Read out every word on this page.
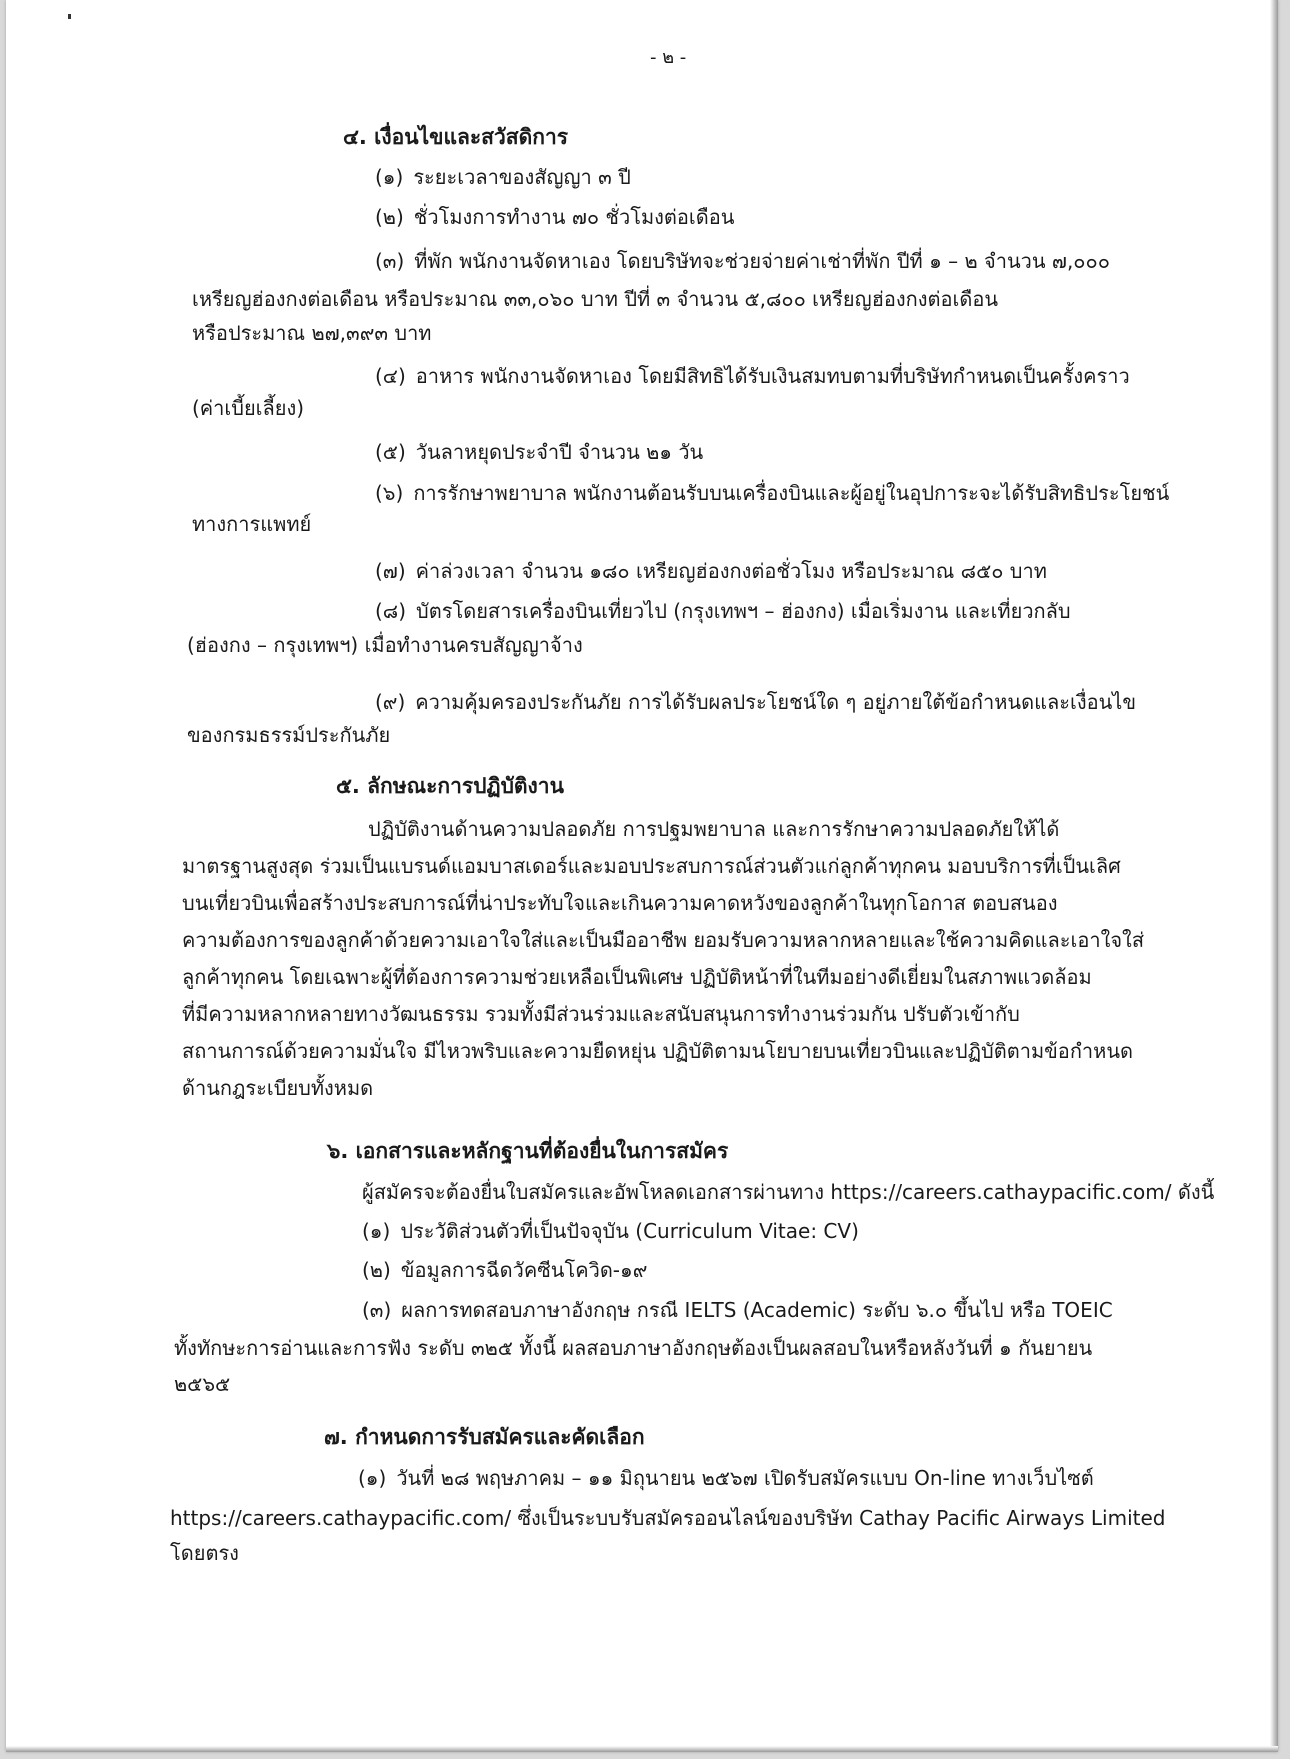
- ๒ -

๔. เงื่อนไขและสวัสดิการ

(๑) ระยะเวลาของสัญญา ๓ ปี

(๒) ชั่วโมงการทำงาน ๗๐ ชั่วโมงต่อเดือน

(๓) ที่พัก พนักงานจัดหาเอง โดยบริษัทจะช่วยจ่ายค่าเช่าที่พัก ปีที่ ๑ – ๒ จำนวน ๗,๐๐๐

เหรียญฮ่องกงต่อเดือน หรือประมาณ ๓๓,๐๖๐ บาท ปีที่ ๓ จำนวน ๕,๘๐๐ เหรียญฮ่องกงต่อเดือน

หรือประมาณ ๒๗,๓๙๓ บาท

(๔) อาหาร พนักงานจัดหาเอง โดยมีสิทธิได้รับเงินสมทบตามที่บริษัทกำหนดเป็นครั้งคราว

(ค่าเบี้ยเลี้ยง)

(๕) วันลาหยุดประจำปี จำนวน ๒๑ วัน

(๖) การรักษาพยาบาล พนักงานต้อนรับบนเครื่องบินและผู้อยู่ในอุปการะจะได้รับสิทธิประโยชน์

ทางการแพทย์

(๗) ค่าล่วงเวลา จำนวน ๑๘๐ เหรียญฮ่องกงต่อชั่วโมง หรือประมาณ ๘๕๐ บาท

(๘) บัตรโดยสารเครื่องบินเที่ยวไป (กรุงเทพฯ – ฮ่องกง) เมื่อเริ่มงาน และเที่ยวกลับ

(ฮ่องกง – กรุงเทพฯ) เมื่อทำงานครบสัญญาจ้าง

(๙) ความคุ้มครองประกันภัย การได้รับผลประโยชน์ใด ๆ อยู่ภายใต้ข้อกำหนดและเงื่อนไข

ของกรมธรรม์ประกันภัย

๕. ลักษณะการปฏิบัติงาน

ปฏิบัติงานด้านความปลอดภัย การปฐมพยาบาล และการรักษาความปลอดภัยให้ได้

มาตรฐานสูงสุด ร่วมเป็นแบรนด์แอมบาสเดอร์และมอบประสบการณ์ส่วนตัวแก่ลูกค้าทุกคน มอบบริการที่เป็นเลิศ

บนเที่ยวบินเพื่อสร้างประสบการณ์ที่น่าประทับใจและเกินความคาดหวังของลูกค้าในทุกโอกาส ตอบสนอง

ความต้องการของลูกค้าด้วยความเอาใจใส่และเป็นมืออาชีพ ยอมรับความหลากหลายและใช้ความคิดและเอาใจใส่

ลูกค้าทุกคน โดยเฉพาะผู้ที่ต้องการความช่วยเหลือเป็นพิเศษ ปฏิบัติหน้าที่ในทีมอย่างดีเยี่ยมในสภาพแวดล้อม

ที่มีความหลากหลายทางวัฒนธรรม รวมทั้งมีส่วนร่วมและสนับสนุนการทำงานร่วมกัน ปรับตัวเข้ากับ

สถานการณ์ด้วยความมั่นใจ มีไหวพริบและความยืดหยุ่น ปฏิบัติตามนโยบายบนเที่ยวบินและปฏิบัติตามข้อกำหนด

ด้านกฎระเบียบทั้งหมด

๖. เอกสารและหลักฐานที่ต้องยื่นในการสมัคร

ผู้สมัครจะต้องยื่นใบสมัครและอัพโหลดเอกสารผ่านทาง https://careers.cathaypacific.com/ ดังนี้

(๑) ประวัติส่วนตัวที่เป็นปัจจุบัน (Curriculum Vitae: CV)

(๒) ข้อมูลการฉีดวัคซีนโควิด-๑๙

(๓) ผลการทดสอบภาษาอังกฤษ กรณี IELTS (Academic) ระดับ ๖.๐ ขึ้นไป หรือ TOEIC

ทั้งทักษะการอ่านและการฟัง ระดับ ๓๒๕ ทั้งนี้ ผลสอบภาษาอังกฤษต้องเป็นผลสอบในหรือหลังวันที่ ๑ กันยายน

๒๕๖๕

๗. กำหนดการรับสมัครและคัดเลือก

(๑) วันที่ ๒๘ พฤษภาคม – ๑๑ มิถุนายน ๒๕๖๗ เปิดรับสมัครแบบ On-line ทางเว็บไซต์

https://careers.cathaypacific.com/ ซึ่งเป็นระบบรับสมัครออนไลน์ของบริษัท Cathay Pacific Airways Limited

โดยตรง
